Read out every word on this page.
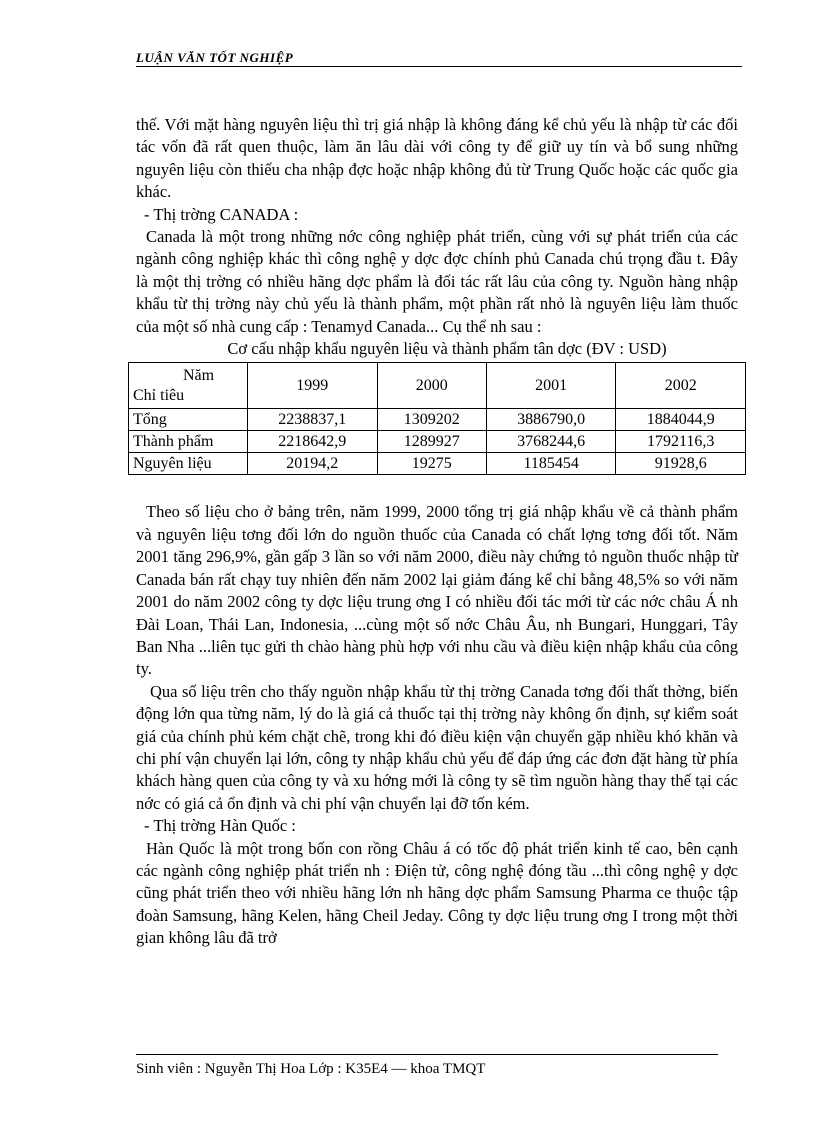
LUẬN VĂN TỐT NGHIỆP

thế. Với mặt hàng nguyên liệu thì trị giá nhập là không đáng kể chủ yếu là nhập từ các đối tác vốn đã rất quen thuộc, làm ăn lâu dài với công ty để giữ uy tín và bổ sung những nguyên liệu còn thiếu cha nhập đợc hoặc nhập không đủ từ Trung Quốc hoặc các quốc gia khác.

- Thị trờng CANADA :

Canada là một trong những nớc công nghiệp phát triển, cùng với sự phát triển của các ngành công nghiệp khác thì công nghệ y dợc đợc chính phủ Canada chú trọng đầu t. Đây là một thị trờng có nhiều hãng dợc phẩm là đối tác rất lâu của công ty. Nguồn hàng nhập khẩu từ thị trờng này chủ yếu là thành phẩm, một phần rất nhỏ là nguyên liệu làm thuốc của một số nhà cung cấp : Tenamyd Canada... Cụ thể nh sau :

Cơ cấu nhập khẩu nguyên liệu và thành phẩm tân dợc (ĐV : USD)

Năm
Chỉ tiêu	1999	2000	2001	2002
Tổng	2238837,1	1309202	3886790,0	1884044,9
Thành phẩm	2218642,9	1289927	3768244,6	1792116,3
Nguyên liệu	20194,2	19275	1185454	91928,6

Theo số liệu cho ở bảng trên, năm 1999, 2000 tổng trị giá nhập khẩu về cả thành phẩm và nguyên liệu tơng đối lớn do nguồn thuốc của Canada có chất lợng tơng đối tốt. Năm 2001 tăng 296,9%, gần gấp 3 lần so với năm 2000, điều này chứng tỏ nguồn thuốc nhập từ Canada bán rất chạy tuy nhiên đến năm 2002 lại giảm đáng kể chỉ bằng 48,5% so với năm 2001 do năm 2002 công ty dợc liệu trung ơng I có nhiều đối tác mới từ các nớc châu Á nh Đài Loan, Thái Lan, Indonesia, ...cùng một số nớc Châu Âu, nh Bungari, Hunggari, Tây Ban Nha ...liên tục gửi th chào hàng phù hợp với nhu cầu và điều kiện nhập khẩu của công ty.

Qua số liệu trên cho thấy nguồn nhập khẩu từ thị trờng Canada tơng đối thất thờng, biến động lớn qua từng năm, lý do là giá cả thuốc tại thị trờng này không ổn định, sự kiểm soát giá của chính phủ kém chặt chẽ, trong khi đó điều kiện vận chuyển gặp nhiều khó khăn và chi phí vận chuyển lại lớn, công ty nhập khẩu chủ yếu để đáp ứng các đơn đặt hàng từ phía khách hàng quen của công ty và xu hớng mới là công ty sẽ tìm nguồn hàng thay thế tại các nớc có giá cả ổn định và chi phí vận chuyển lại đỡ tốn kém.

- Thị trờng Hàn Quốc :

Hàn Quốc là một trong bốn con rồng Châu á có tốc độ phát triển kinh tế cao, bên cạnh các ngành công nghiệp phát triển nh : Điện tử, công nghệ đóng tầu ...thì công nghệ y dợc cũng phát triển theo với nhiều hãng lớn nh hãng dợc phẩm Samsung Pharma ce thuộc tập đoàn Samsung, hãng Kelen, hãng Cheil Jeday. Công ty dợc liệu trung ơng I trong một thời gian không lâu đã trở

Sinh viên : Nguyễn Thị Hoa Lớp : K35E4 — khoa TMQT
